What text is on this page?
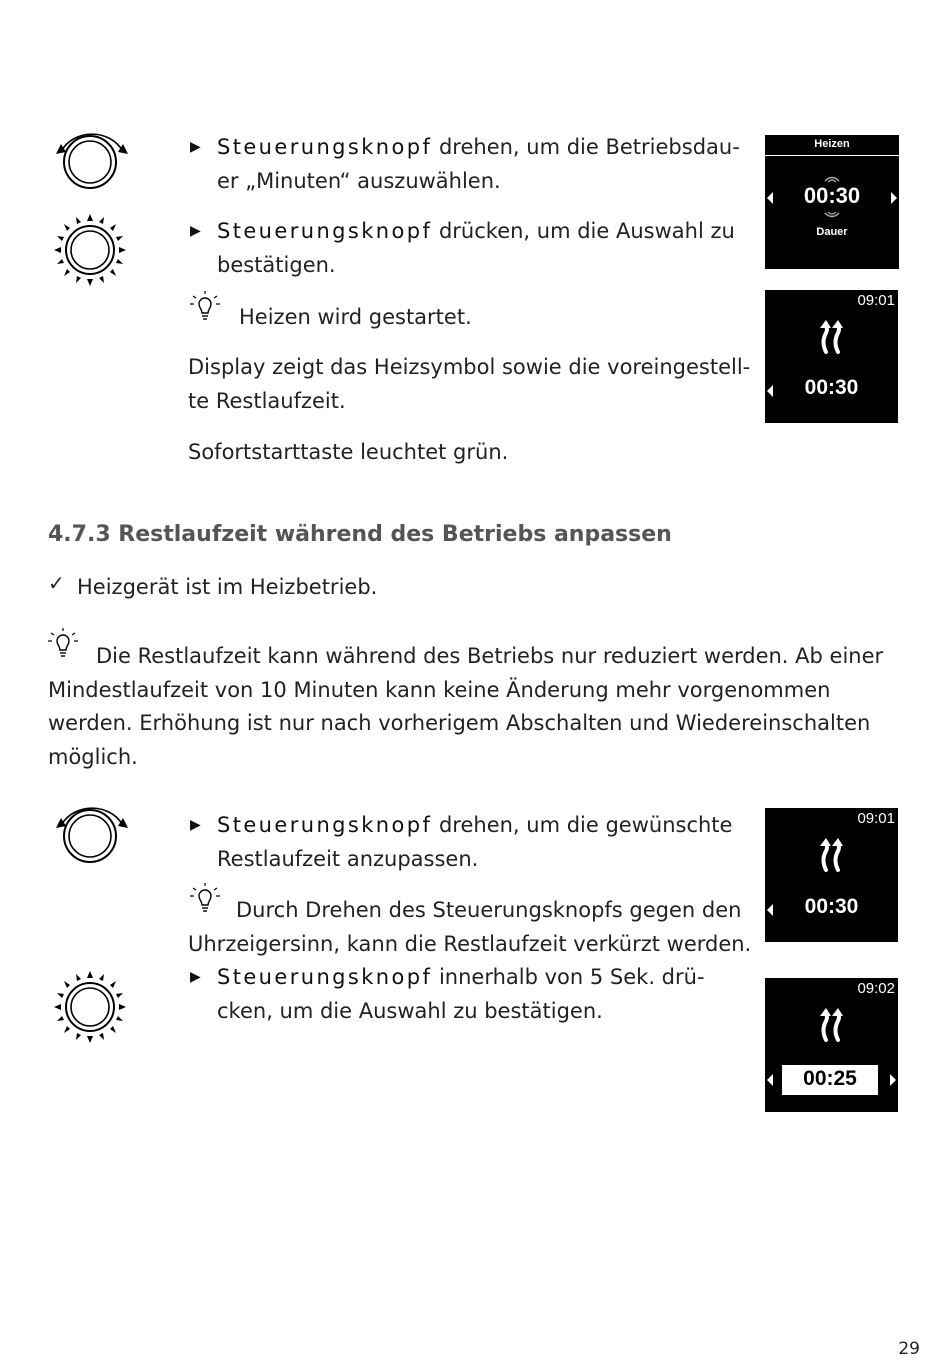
▶ Steuerungsknopf drehen, um die Betriebsdau-
er „Minuten“ auszuwählen.
▶ Steuerungsknopf drücken, um die Auswahl zu
bestätigen.
Heizen wird gestartet.
Display zeigt das Heizsymbol sowie die voreingestell-
te Restlaufzeit.
Sofortstarttaste leuchtet grün.
Heizen
00:30
Dauer
09:01
00:30
4.7.3 Restlaufzeit während des Betriebs anpassen
✓ Heizgerät ist im Heizbetrieb.
Die Restlaufzeit kann während des Betriebs nur reduziert werden. Ab einer
Mindestlaufzeit von 10 Minuten kann keine Änderung mehr vorgenommen
werden. Erhöhung ist nur nach vorherigem Abschalten und Wiedereinschalten
möglich.
▶ Steuerungsknopf drehen, um die gewünschte
Restlaufzeit anzupassen.
Durch Drehen des Steuerungsknopfs gegen den
Uhrzeigersinn, kann die Restlaufzeit verkürzt werden.
▶ Steuerungsknopf innerhalb von 5 Sek. drü-
cken, um die Auswahl zu bestätigen.
09:01
00:30
09:02
00:25
29
